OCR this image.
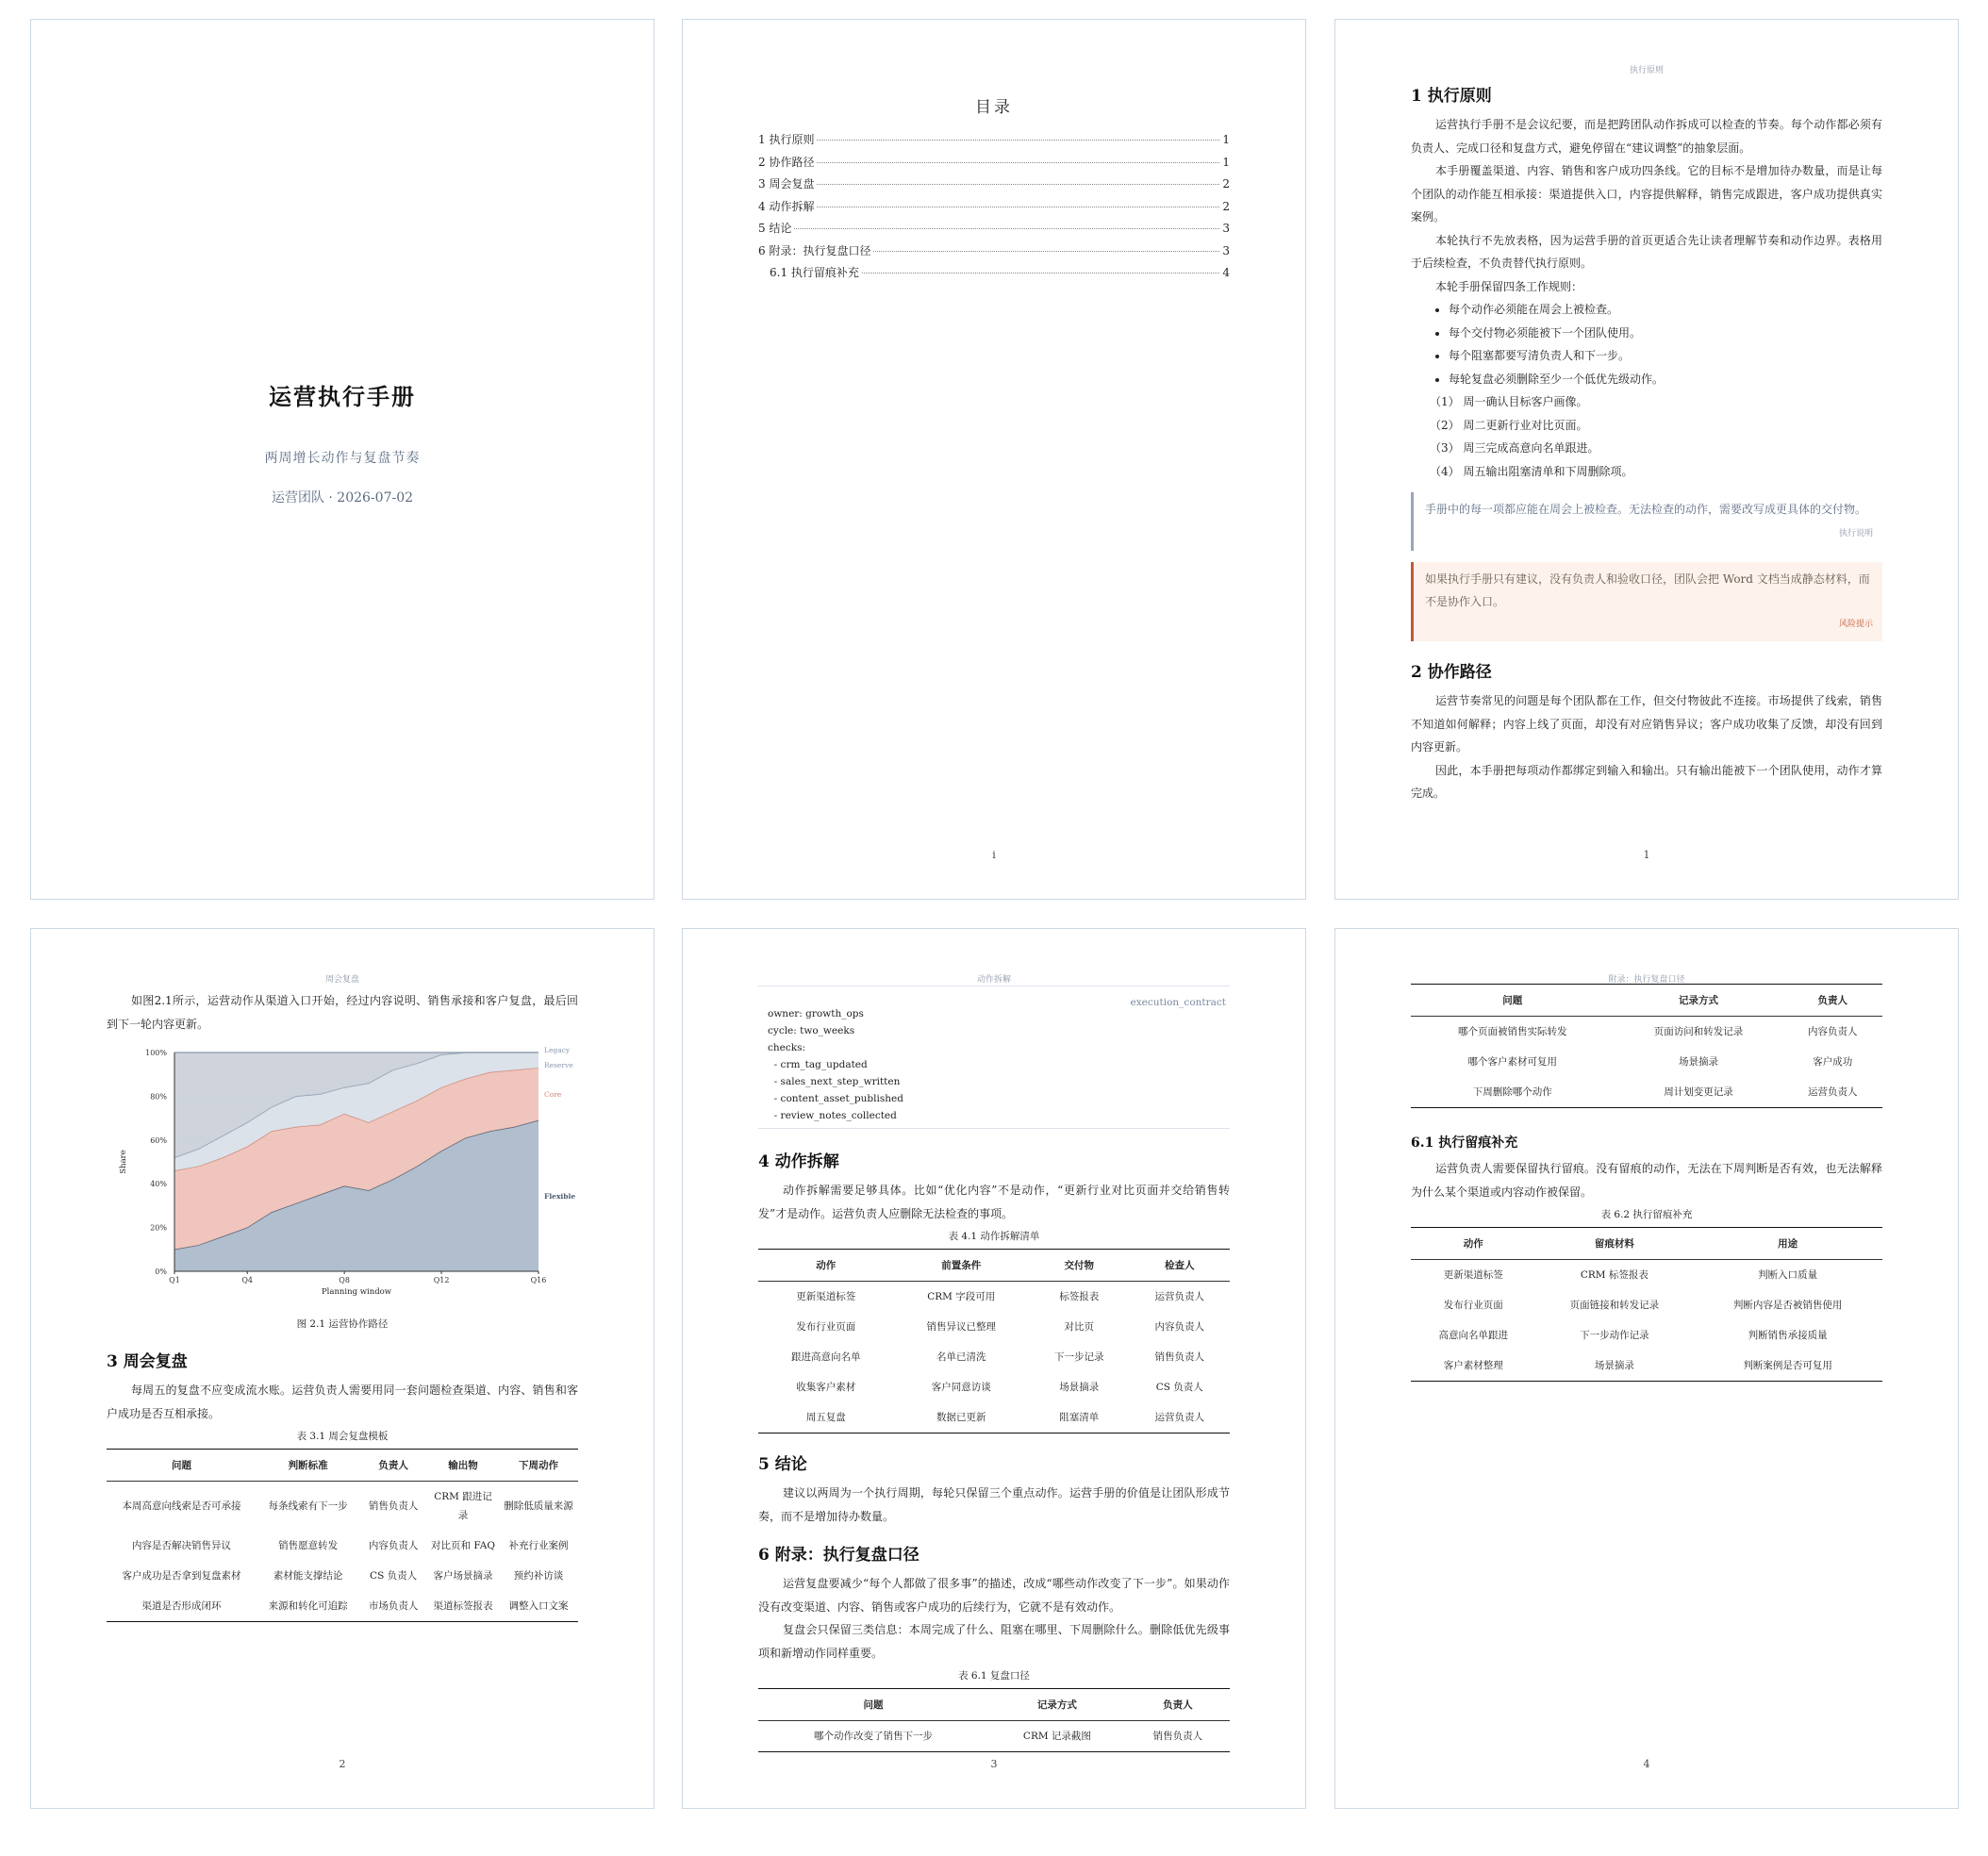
运营执行手册
两周增长动作与复盘节奏
运营团队 · 2026-07-02
目录
1 执行原则	1
2 协作路径	1
3 周会复盘	2
4 动作拆解	2
5 结论	3
6 附录：执行复盘口径	3
6.1 执行留痕补充	4
i
执行原则
1 执行原则

运营执行手册不是会议纪要，而是把跨团队动作拆成可以检查的节奏。每个动作都必须有负责人、完成口径和复盘方式，避免停留在“建议调整”的抽象层面。

本手册覆盖渠道、内容、销售和客户成功四条线。它的目标不是增加待办数量，而是让每个团队的动作能互相承接：渠道提供入口，内容提供解释，销售完成跟进，客户成功提供真实案例。

本轮执行不先放表格，因为运营手册的首页更适合先让读者理解节奏和动作边界。表格用于后续检查，不负责替代执行原则。

本轮手册保留四条工作规则：

• 每个动作必须能在周会上被检查。
• 每个交付物必须能被下一个团队使用。
• 每个阻塞都要写清负责人和下一步。
• 每轮复盘必须删除至少一个低优先级动作。
（1） 周一确认目标客户画像。
（2） 周二更新行业对比页面。
（3） 周三完成高意向名单跟进。
（4） 周五输出阻塞清单和下周删除项。
手册中的每一项都应能在周会上被检查。无法检查的动作，需要改写成更具体的交付物。
执行说明
如果执行手册只有建议，没有负责人和验收口径，团队会把 Word 文档当成静态材料，而不是协作入口。
风险提示
2 协作路径

运营节奏常见的问题是每个团队都在工作，但交付物彼此不连接。市场提供了线索，销售不知道如何解释；内容上线了页面，却没有对应销售异议；客户成功收集了反馈，却没有回到内容更新。

因此，本手册把每项动作都绑定到输入和输出。只有输出能被下一个团队使用，动作才算完成。

1
周会复盘

如图2.1所示，运营动作从渠道入口开始，经过内容说明、销售承接和客户复盘，最后回到下一轮内容更新。

0%
20%
40%
60%
80%
100%
Flexible
Core
Reserve
Legacy
Q1	Q4	Q8	Q12	Q16
Planning window
Share
图 2.1 运营协作路径
3 周会复盘

每周五的复盘不应变成流水账。运营负责人需要用同一套问题检查渠道、内容、销售和客户成功是否互相承接。

表 3.1 周会复盘模板
问题	判断标准	负责人	输出物	下周动作
本周高意向线索是否可承接	每条线索有下一步	销售负责人	CRM 跟进记录	删除低质量来源
内容是否解决销售异议	销售愿意转发	内容负责人	对比页和 FAQ	补充行业案例
客户成功是否拿到复盘素材	素材能支撑结论	CS 负责人	客户场景摘录	预约补访谈
渠道是否形成闭环	来源和转化可追踪	市场负责人	渠道标签报表	调整入口文案
2
动作拆解
execution_contract
owner: growth_ops
cycle: two_weeks
checks:
- crm_tag_updated
- sales_next_step_written
- content_asset_published
- review_notes_collected
4 动作拆解

动作拆解需要足够具体。比如“优化内容”不是动作，“更新行业对比页面并交给销售转发”才是动作。运营负责人应删除无法检查的事项。

表 4.1 动作拆解清单
动作	前置条件	交付物	检查人
更新渠道标签	CRM 字段可用	标签报表	运营负责人
发布行业页面	销售异议已整理	对比页	内容负责人
跟进高意向名单	名单已清洗	下一步记录	销售负责人
收集客户素材	客户同意访谈	场景摘录	CS 负责人
周五复盘	数据已更新	阻塞清单	运营负责人
5 结论

建议以两周为一个执行周期，每轮只保留三个重点动作。运营手册的价值是让团队形成节奏，而不是增加待办数量。

6 附录：执行复盘口径

运营复盘要减少“每个人都做了很多事”的描述，改成“哪些动作改变了下一步”。如果动作没有改变渠道、内容、销售或客户成功的后续行为，它就不是有效动作。

复盘会只保留三类信息：本周完成了什么、阻塞在哪里、下周删除什么。删除低优先级事项和新增动作同样重要。

表 6.1 复盘口径
问题	记录方式	负责人
哪个动作改变了销售下一步	CRM 记录截图	销售负责人
3
附录：执行复盘口径
问题	记录方式	负责人
哪个页面被销售实际转发	页面访问和转发记录	内容负责人
哪个客户素材可复用	场景摘录	客户成功
下周删除哪个动作	周计划变更记录	运营负责人
6.1 执行留痕补充

运营负责人需要保留执行留痕。没有留痕的动作，无法在下周判断是否有效，也无法解释为什么某个渠道或内容动作被保留。

表 6.2 执行留痕补充
动作	留痕材料	用途
更新渠道标签	CRM 标签报表	判断入口质量
发布行业页面	页面链接和转发记录	判断内容是否被销售使用
高意向名单跟进	下一步动作记录	判断销售承接质量
客户素材整理	场景摘录	判断案例是否可复用
4
